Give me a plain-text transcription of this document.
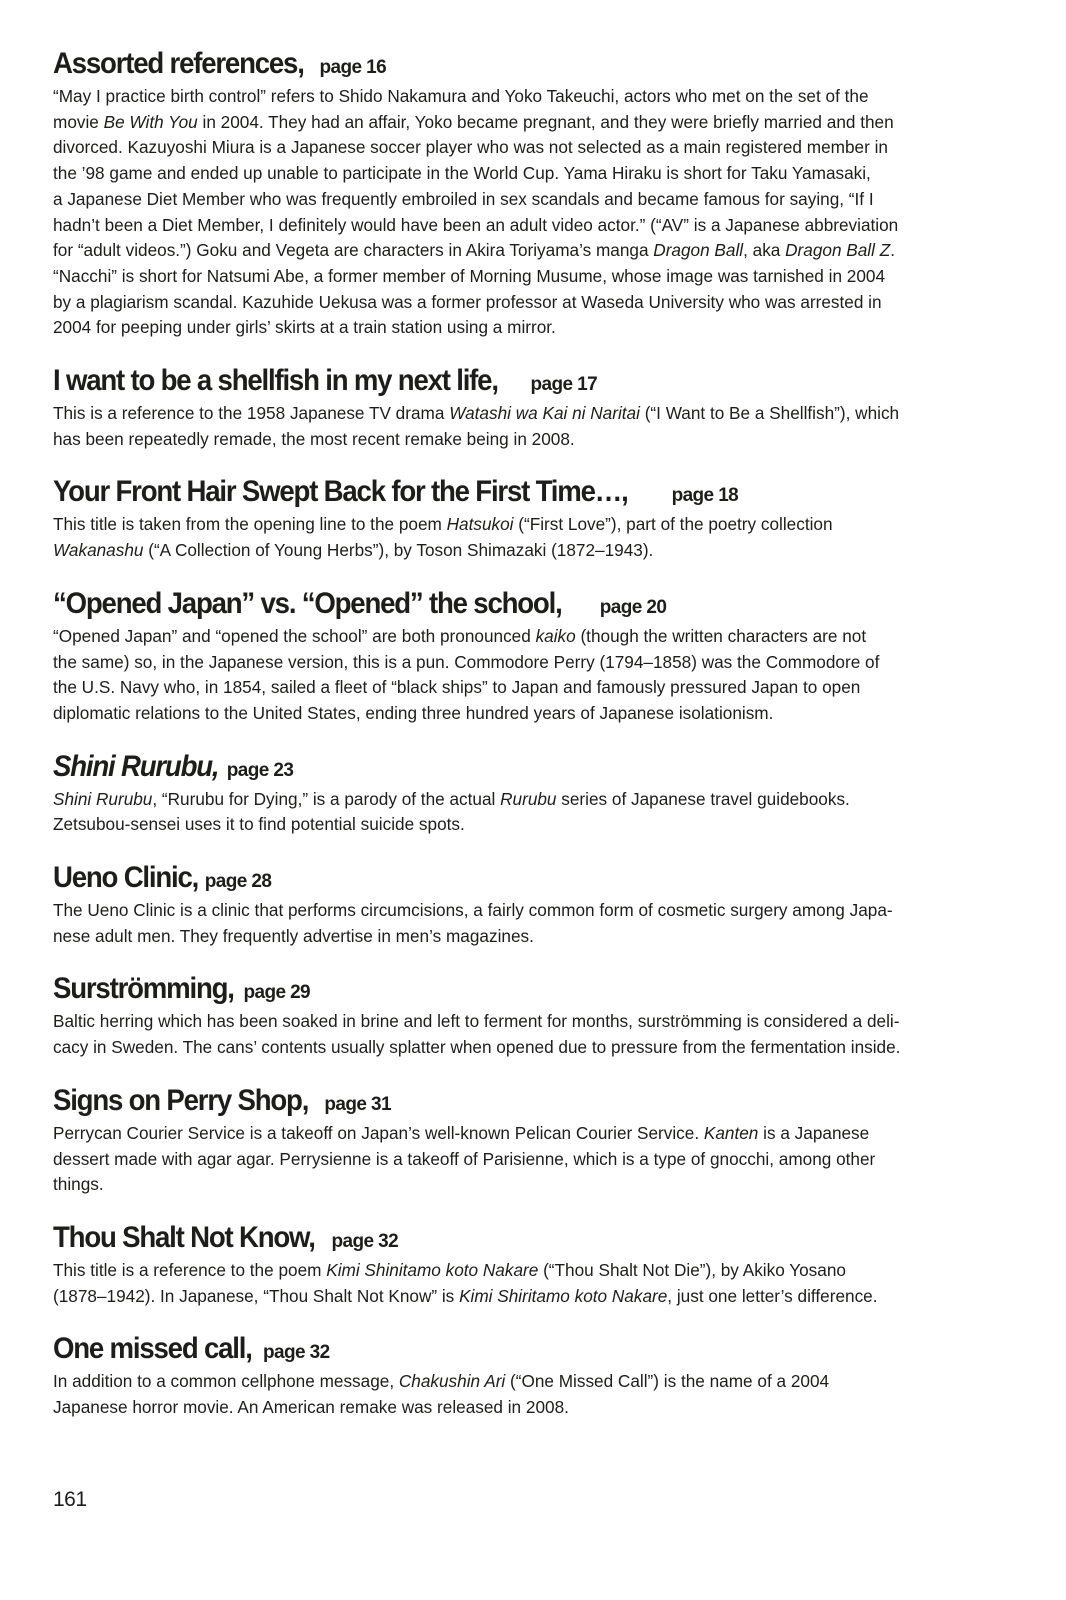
Assorted references, page 16

“May I practice birth control” refers to Shido Nakamura and Yoko Takeuchi, actors who met on the set of the
movie Be With You in 2004. They had an affair, Yoko became pregnant, and they were briefly married and then
divorced. Kazuyoshi Miura is a Japanese soccer player who was not selected as a main registered member in
the ’98 game and ended up unable to participate in the World Cup. Yama Hiraku is short for Taku Yamasaki,
a Japanese Diet Member who was frequently embroiled in sex scandals and became famous for saying, “If I
hadn’t been a Diet Member, I definitely would have been an adult video actor.” (“AV” is a Japanese abbreviation
for “adult videos.”) Goku and Vegeta are characters in Akira Toriyama’s manga Dragon Ball, aka Dragon Ball Z.
“Nacchi” is short for Natsumi Abe, a former member of Morning Musume, whose image was tarnished in 2004
by a plagiarism scandal. Kazuhide Uekusa was a former professor at Waseda University who was arrested in
2004 for peeping under girls’ skirts at a train station using a mirror.

I want to be a shellfish in my next life, page 17

This is a reference to the 1958 Japanese TV drama Watashi wa Kai ni Naritai (“I Want to Be a Shellfish”), which
has been repeatedly remade, the most recent remake being in 2008.

Your Front Hair Swept Back for the First Time…, page 18

This title is taken from the opening line to the poem Hatsukoi (“First Love”), part of the poetry collection
Wakanashu (“A Collection of Young Herbs”), by Toson Shimazaki (1872–1943).

“Opened Japan” vs. “Opened” the school, page 20

“Opened Japan” and “opened the school” are both pronounced kaiko (though the written characters are not
the same) so, in the Japanese version, this is a pun. Commodore Perry (1794–1858) was the Commodore of
the U.S. Navy who, in 1854, sailed a fleet of “black ships” to Japan and famously pressured Japan to open
diplomatic relations to the United States, ending three hundred years of Japanese isolationism.

Shini Rurubu, page 23

Shini Rurubu, “Rurubu for Dying,” is a parody of the actual Rurubu series of Japanese travel guidebooks.
Zetsubou-sensei uses it to find potential suicide spots.

Ueno Clinic, page 28

The Ueno Clinic is a clinic that performs circumcisions, a fairly common form of cosmetic surgery among Japa-
nese adult men. They frequently advertise in men’s magazines.

Surströmming, page 29

Baltic herring which has been soaked in brine and left to ferment for months, surströmming is considered a deli-
cacy in Sweden. The cans’ contents usually splatter when opened due to pressure from the fermentation inside.

Signs on Perry Shop, page 31

Perrycan Courier Service is a takeoff on Japan’s well-known Pelican Courier Service. Kanten is a Japanese
dessert made with agar agar. Perrysienne is a takeoff of Parisienne, which is a type of gnocchi, among other
things.

Thou Shalt Not Know, page 32

This title is a reference to the poem Kimi Shinitamo koto Nakare (“Thou Shalt Not Die”), by Akiko Yosano
(1878–1942). In Japanese, “Thou Shalt Not Know” is Kimi Shiritamo koto Nakare, just one letter’s difference.

One missed call, page 32

In addition to a common cellphone message, Chakushin Ari (“One Missed Call”) is the name of a 2004
Japanese horror movie. An American remake was released in 2008.

161
